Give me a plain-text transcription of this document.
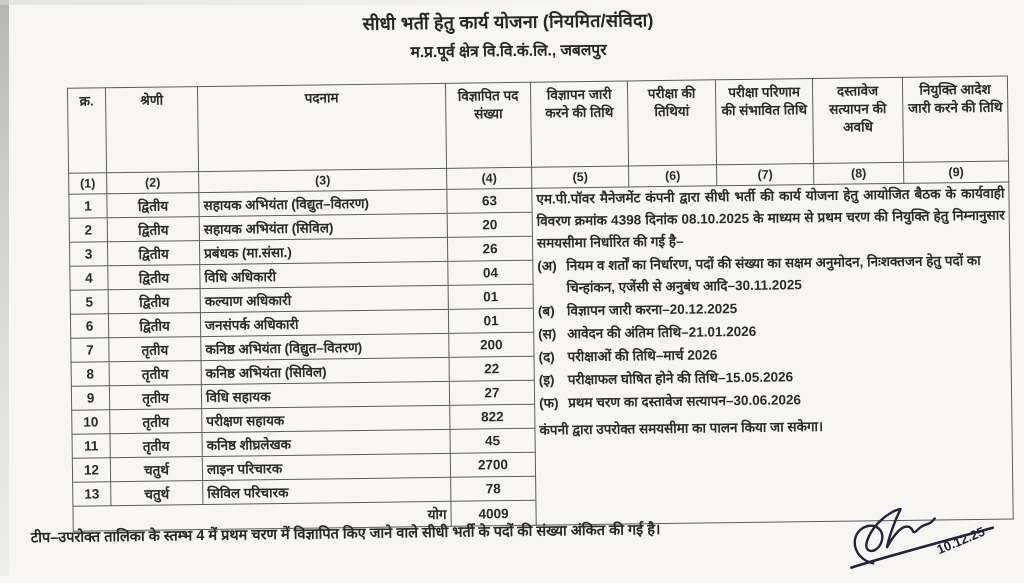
सीधी भर्ती हेतु कार्य योजना (नियमित/संविदा)
म.प्र.पूर्व क्षेत्र वि.वि.कं.लि., जबलपुर
क्र.	श्रेणी	पदनाम	विज्ञापित पद संख्या	विज्ञापन जारी करने की तिथि	परीक्षा की तिथियां	परीक्षा परिणाम की संभावित तिथि	दस्तावेज सत्यापन की अवधि	नियुक्ति आदेश जारी करने की तिथि
(1)	(2)	(3)	(4)	(5)	(6)	(7)	(8)	(9)
1	द्वितीय	सहायक अभियंता (विद्युत–वितरण)	63	एम.पी.पॉवर मैनेजमेंट कंपनी द्वारा सीधी भर्ती की कार्य योजना हेतु आयोजित बैठक के कार्यवाही विवरण क्रमांक 4398 दिनांक 08.10.2025 के माध्यम से प्रथम चरण की नियुक्ति हेतु निम्नानुसार समयसीमा निर्धारित की गई है–
(अ) नियम व शर्तों का निर्धारण, पदों की संख्या का सक्षम अनुमोदन, निःशक्तजन हेतु पदों का चिन्हांकन, एजेंसी से अनुबंध आदि–30.11.2025
(ब) विज्ञापन जारी करना–20.12.2025
(स) आवेदन की अंतिम तिथि–21.01.2026
(द) परीक्षाओं की तिथि–मार्च 2026
(इ) परीक्षाफल घोषित होने की तिथि–15.05.2026
(फ) प्रथम चरण का दस्तावेज सत्यापन–30.06.2026
कंपनी द्वारा उपरोक्त समयसीमा का पालन किया जा सकेगा।

2	द्वितीय	सहायक अभियंता (सिविल)	20					
3	द्वितीय	प्रबंधक (मा.संसा.)	26					
4	द्वितीय	विधि अधिकारी	04					
5	द्वितीय	कल्याण अधिकारी	01					
6	द्वितीय	जनसंपर्क अधिकारी	01					
7	तृतीय	कनिष्ठ अभियंता (विद्युत–वितरण)	200					
8	तृतीय	कनिष्ठ अभियंता (सिविल)	22					
9	तृतीय	विधि सहायक	27					
10	तृतीय	परीक्षण सहायक	822					
11	तृतीय	कनिष्ठ शीघ्रलेखक	45					
12	चतुर्थ	लाइन परिचारक	2700					
13	चतुर्थ	सिविल परिचारक	78					
योग			4009					
टीप–उपरोक्त तालिका के स्तम्भ 4 में प्रथम चरण में विज्ञापित किए जाने वाले सीधी भर्ती के पदों की संख्या अंकित की गई है।	10.12.25
